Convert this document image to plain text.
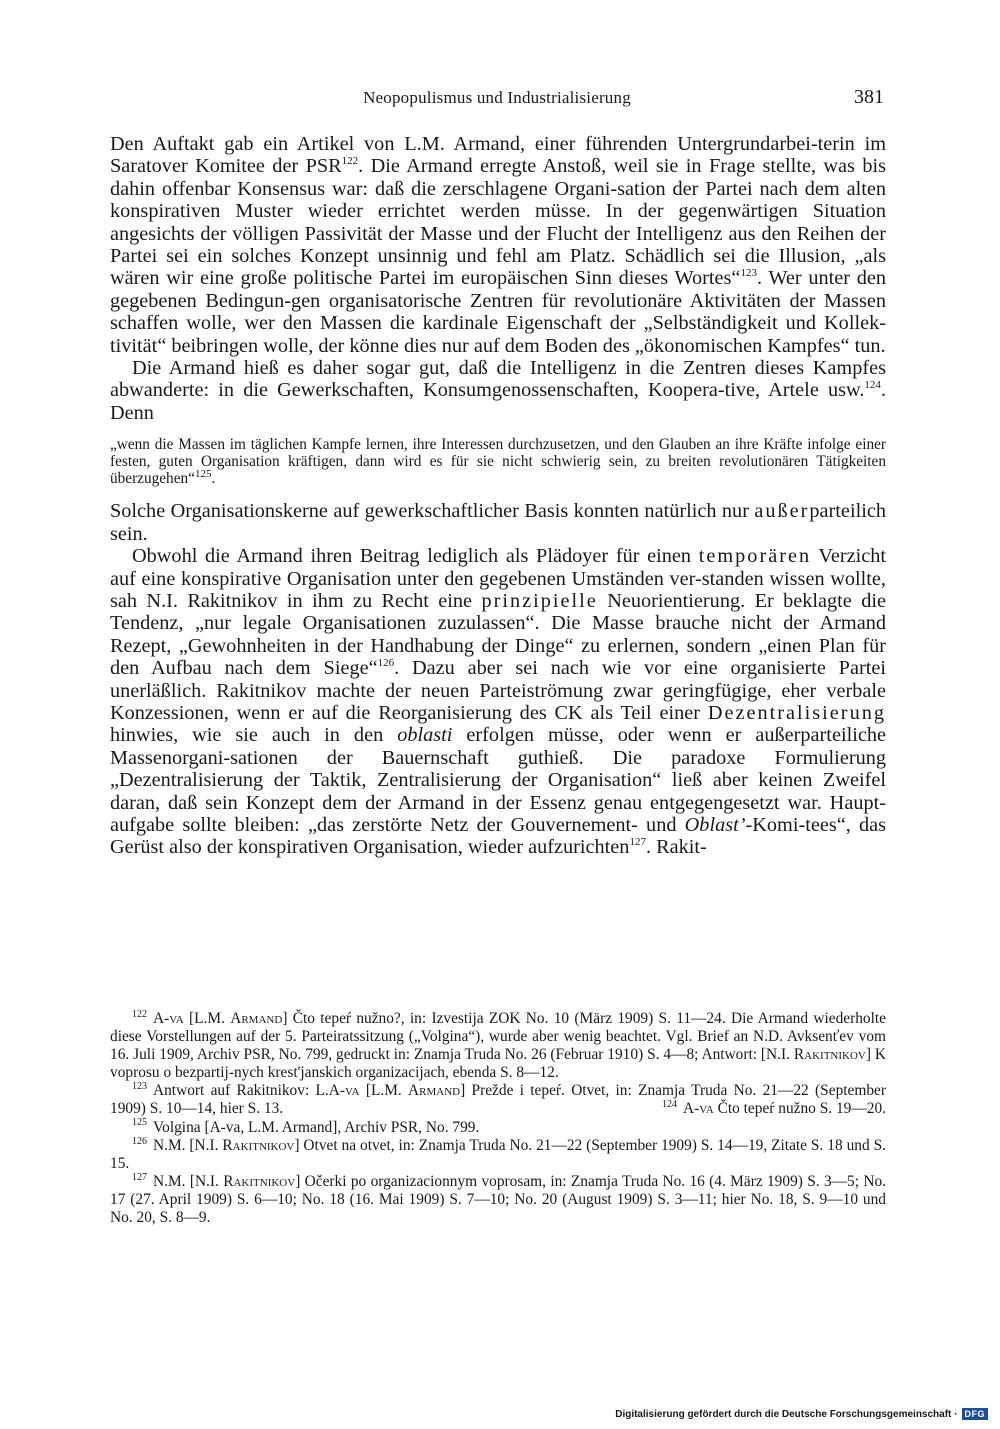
Neopopulismus und Industrialisierung	381

Den Auftakt gab ein Artikel von L.M. Armand, einer führenden Untergrundarbei-terin im Saratover Komitee der PSR$^{122}$. Die Armand erregte Anstoß, weil sie in Frage stellte, was bis dahin offenbar Konsensus war: daß die zerschlagene Organi-sation der Partei nach dem alten konspirativen Muster wieder errichtet werden müsse. In der gegenwärtigen Situation angesichts der völligen Passivität der Masse und der Flucht der Intelligenz aus den Reihen der Partei sei ein solches Konzept unsinnig und fehl am Platz. Schädlich sei die Illusion, „als wären wir eine große politische Partei im europäischen Sinn dieses Wortes“$^{123}$. Wer unter den gegebenen Bedingun-gen organisatorische Zentren für revolutionäre Aktivitäten der Massen schaffen wolle, wer den Massen die kardinale Eigenschaft der „Selbständigkeit und Kollek-tivität“ beibringen wolle, der könne dies nur auf dem Boden des „ökonomischen Kampfes“ tun.

Die Armand hieß es daher sogar gut, daß die Intelligenz in die Zentren dieses Kampfes abwanderte: in die Gewerkschaften, Konsumgenossenschaften, Koopera-tive, Artele usw.$^{124}$. Denn

„wenn die Massen im täglichen Kampfe lernen, ihre Interessen durchzusetzen, und den Glauben an ihre Kräfte infolge einer festen, guten Organisation kräftigen, dann wird es für sie nicht schwierig sein, zu breiten revolutionären Tätigkeiten überzugehen“$^{125}$.

Solche Organisationskerne auf gewerkschaftlicher Basis konnten natürlich nur außerparteilich sein.

Obwohl die Armand ihren Beitrag lediglich als Plädoyer für einen temporären Verzicht auf eine konspirative Organisation unter den gegebenen Umständen ver-standen wissen wollte, sah N.I. Rakitnikov in ihm zu Recht eine prinzipielle Neuorientierung. Er beklagte die Tendenz, „nur legale Organisationen zuzulassen“. Die Masse brauche nicht der Armand Rezept, „Gewohnheiten in der Handhabung der Dinge“ zu erlernen, sondern „einen Plan für den Aufbau nach dem Siege“$^{126}$. Dazu aber sei nach wie vor eine organisierte Partei unerläßlich. Rakitnikov machte der neuen Parteiströmung zwar geringfügige, eher verbale Konzessionen, wenn er auf die Reorganisierung des CK als Teil einer Dezentralisierung hinwies, wie sie auch in den oblasti erfolgen müsse, oder wenn er außerparteiliche Massenorgani-sationen der Bauernschaft guthieß. Die paradoxe Formulierung „Dezentralisierung der Taktik, Zentralisierung der Organisation“ ließ aber keinen Zweifel daran, daß sein Konzept dem der Armand in der Essenz genau entgegengesetzt war. Haupt-aufgabe sollte bleiben: „das zerstörte Netz der Gouvernement- und Oblast’-Komi-tees“, das Gerüst also der konspirativen Organisation, wieder aufzurichten$^{127}$. Rakit-

$^{122}$ A-va [L.M. Armand] Čto tepeŕ nužno?, in: Izvestija ZOK No. 10 (März 1909) S. 11—24. Die Armand wiederholte diese Vorstellungen auf der 5. Parteiratssitzung („Volgina“), wurde aber wenig beachtet. Vgl. Brief an N.D. Avksenťev vom 16. Juli 1909, Archiv PSR, No. 799, gedruckt in: Znamja Truda No. 26 (Februar 1910) S. 4—8; Antwort: [N.I. Rakitnikov] K voprosu o bezpartij-nych krest'janskich organizacijach, ebenda S. 8—12.

$^{123}$ Antwort auf Rakitnikov: L.A-va [L.M. Armand] Prežde i tepeŕ. Otvet, in: Znamja Truda No. 21—22 (September 1909) S. 10—14, hier S. 13.	$^{124}$ A-va Čto tepeŕ nužno S. 19—20.

$^{125}$ Volgina [A-va, L.M. Armand], Archiv PSR, No. 799.

$^{126}$ N.M. [N.I. Rakitnikov] Otvet na otvet, in: Znamja Truda No. 21—22 (September 1909) S. 14—19, Zitate S. 18 und S. 15.

$^{127}$ N.M. [N.I. Rakitnikov] Očerki po organizacionnym voprosam, in: Znamja Truda No. 16 (4. März 1909) S. 3—5; No. 17 (27. April 1909) S. 6—10; No. 18 (16. Mai 1909) S. 7—10; No. 20 (August 1909) S. 3—11; hier No. 18, S. 9—10 und No. 20, S. 8—9.

Digitalisierung gefördert durch die Deutsche Forschungsgemeinschaft · DFG
